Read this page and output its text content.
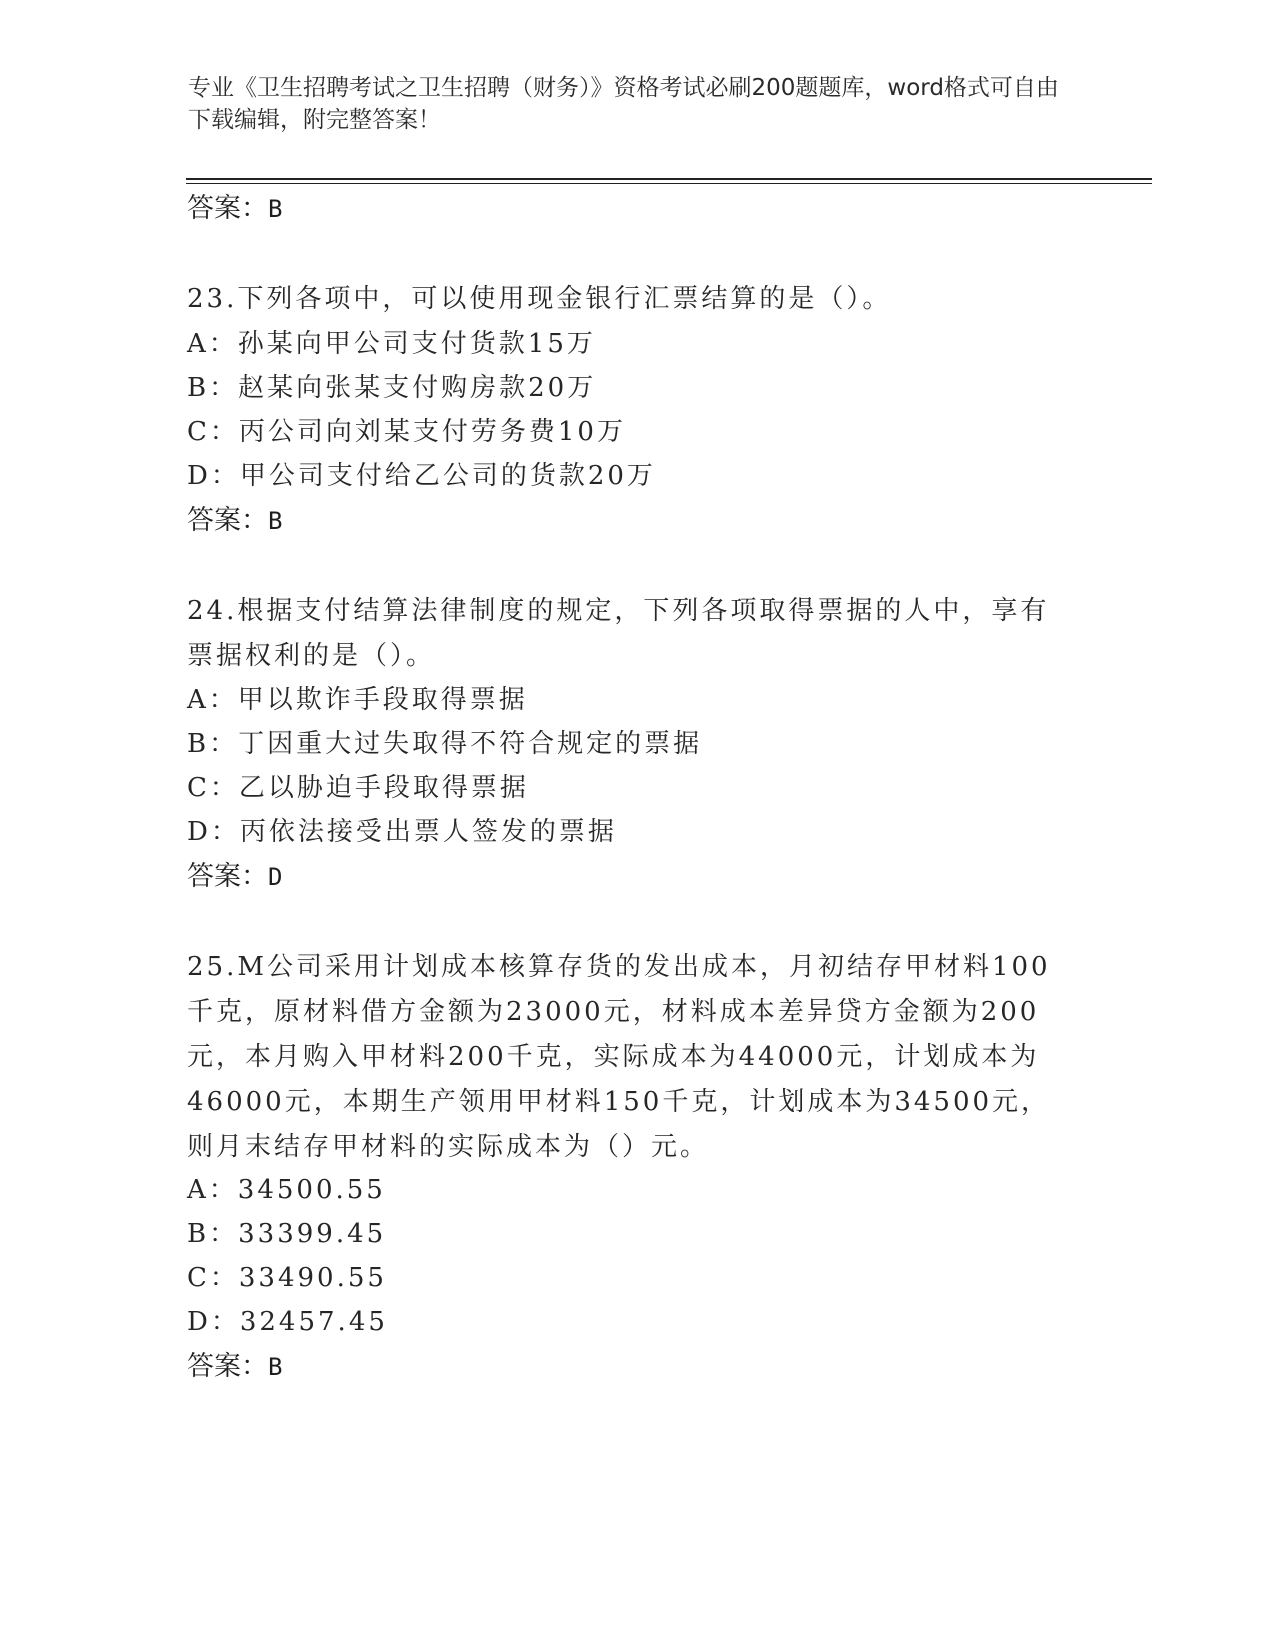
专业《卫生招聘考试之卫生招聘（财务）》资格考试必刷200题题库，word格式可自由下载编辑，附完整答案！

答案：B

23.下列各项中，可以使用现金银行汇票结算的是（）。

A：孙某向甲公司支付货款15万

B：赵某向张某支付购房款20万

C：丙公司向刘某支付劳务费10万

D：甲公司支付给乙公司的货款20万

答案：B

24.根据支付结算法律制度的规定，下列各项取得票据的人中，享有票据权利的是（）。

A：甲以欺诈手段取得票据

B：丁因重大过失取得不符合规定的票据

C：乙以胁迫手段取得票据

D：丙依法接受出票人签发的票据

答案：D

25.M公司采用计划成本核算存货的发出成本，月初结存甲材料100千克，原材料借方金额为23000元，材料成本差异贷方金额为200元，本月购入甲材料200千克，实际成本为44000元，计划成本为46000元，本期生产领用甲材料150千克，计划成本为34500元，则月末结存甲材料的实际成本为（）元。

A：34500.55

B：33399.45

C：33490.55

D：32457.45

答案：B
